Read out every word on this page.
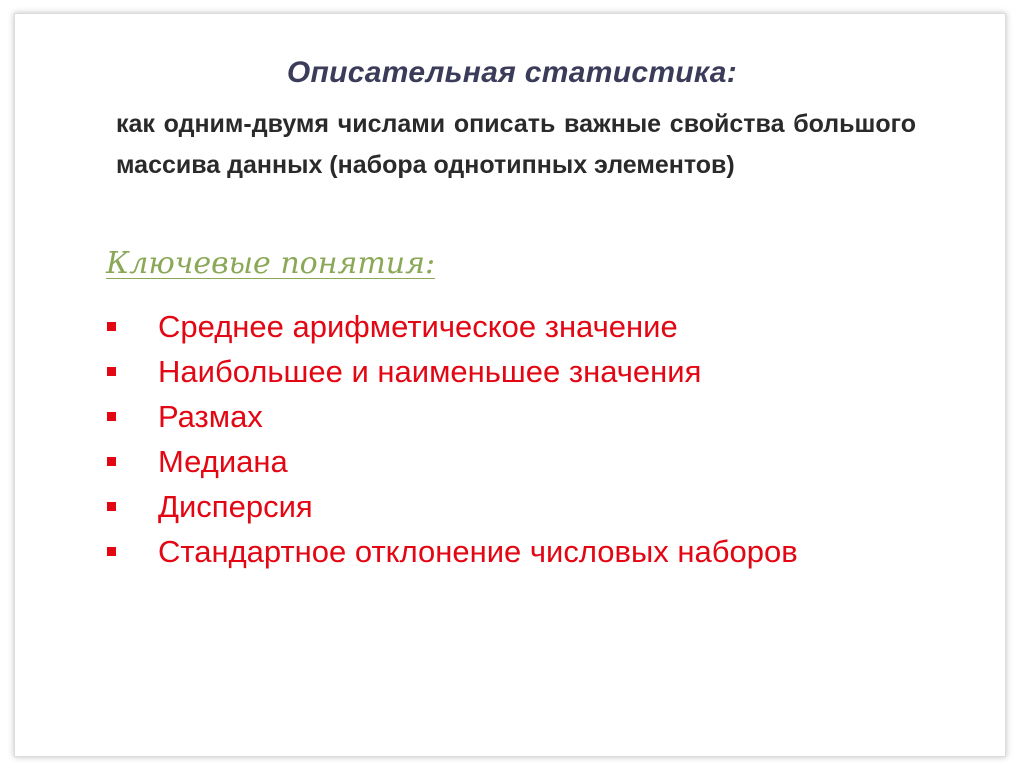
Описательная статистика:
как одним-двумя числами описать важные свойства большого массива данных (набора однотипных элементов)
Ключевые понятия:
Среднее арифметическое значение
Наибольшее и наименьшее значения
Размах
Медиана
Дисперсия
Стандартное отклонение числовых наборов
